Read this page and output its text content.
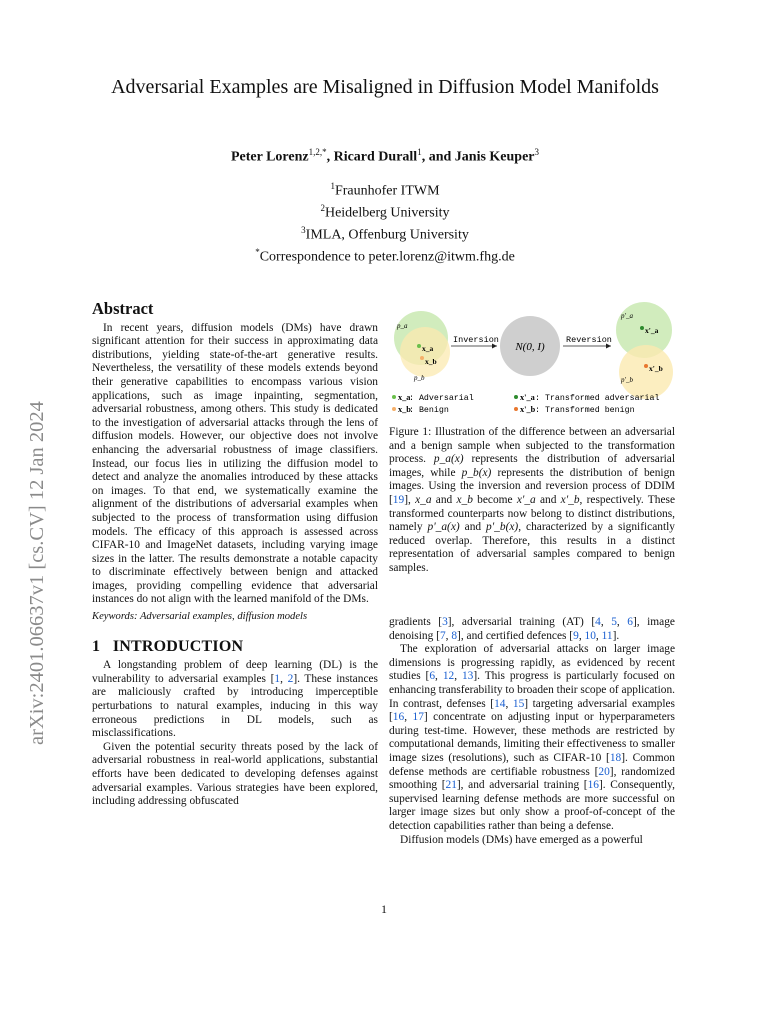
arXiv:2401.06637v1 [cs.CV] 12 Jan 2024
Adversarial Examples are Misaligned in Diffusion Model Manifolds
Peter Lorenz$^{1,2,*}$, Ricard Durall$^1$, and Janis Keuper$^3$
$^1$Fraunhofer ITWM
$^2$Heidelberg University
$^3$IMLA, Offenburg University
*Correspondence to peter.lorenz@itwm.fhg.de
Abstract

In recent years, diffusion models (DMs) have drawn significant attention for their success in approximating data distributions, yielding state-of-the-art generative results. Nevertheless, the versatility of these models extends beyond their generative capabilities to encompass various vision applications, such as image inpainting, segmentation, adversarial robustness, among others. This study is dedicated to the investigation of adversarial attacks through the lens of diffusion models. However, our objective does not involve enhancing the adversarial robustness of image classifiers. Instead, our focus lies in utilizing the diffusion model to detect and analyze the anomalies introduced by these attacks on images. To that end, we systematically examine the alignment of the distributions of adversarial examples when subjected to the process of transformation using diffusion models. The efficacy of this approach is assessed across CIFAR-10 and ImageNet datasets, including varying image sizes in the latter. The results demonstrate a notable capacity to discriminate effectively between benign and attacked images, providing compelling evidence that adversarial instances do not align with the learned manifold of the DMs.

Keywords: Adversarial examples, diffusion models

1 INTRODUCTION

A longstanding problem of deep learning (DL) is the vulnerability to adversarial examples [1, 2]. These instances are maliciously crafted by introducing imperceptible perturbations to natural examples, inducing in this way erroneous predictions in DL models, such as misclassifications.

Given the potential security threats posed by the lack of adversarial robustness in real-world applications, substantial efforts have been dedicated to developing defenses against adversarial examples. Various strategies have been explored, including addressing obfuscated

p_a
p_b
x_a
x_b
Inversion
N(0, I)
Reversion
p'_a
p'_b
x'_a
x'_b
x_a
: Adversarial
x_b
: Benign
x'_a : Transformed adversarial
x'_b : Transformed benign

Figure 1: Illustration of the difference between an adversarial and a benign sample when subjected to the transformation process. p_a(x) represents the distribution of adversarial images, while p_b(x) represents the distribution of benign images. Using the inversion and reversion process of DDIM [19], x_a and x_b become x'_a and x'_b, respectively. These transformed counterparts now belong to distinct distributions, namely p'_a(x) and p'_b(x), characterized by a significantly reduced overlap. Therefore, this results in a distinct representation of adversarial samples compared to benign samples.

gradients [3], adversarial training (AT) [4, 5, 6], image denoising [7, 8], and certified defences [9, 10, 11].

The exploration of adversarial attacks on larger image dimensions is progressing rapidly, as evidenced by recent studies [6, 12, 13]. This progress is particularly focused on enhancing transferability to broaden their scope of application. In contrast, defenses [14, 15] targeting adversarial examples [16, 17] concentrate on adjusting input or hyperparameters during test-time. However, these methods are restricted by computational demands, limiting their effectiveness to smaller image sizes (resolutions), such as CIFAR-10 [18]. Common defense methods are certifiable robustness [20], randomized smoothing [21], and adversarial training [16]. Consequently, supervised learning defense methods are more successful on larger image sizes but only show a proof-of-concept of the detection capabilities rather than being a defense.

Diffusion models (DMs) have emerged as a powerful

1
